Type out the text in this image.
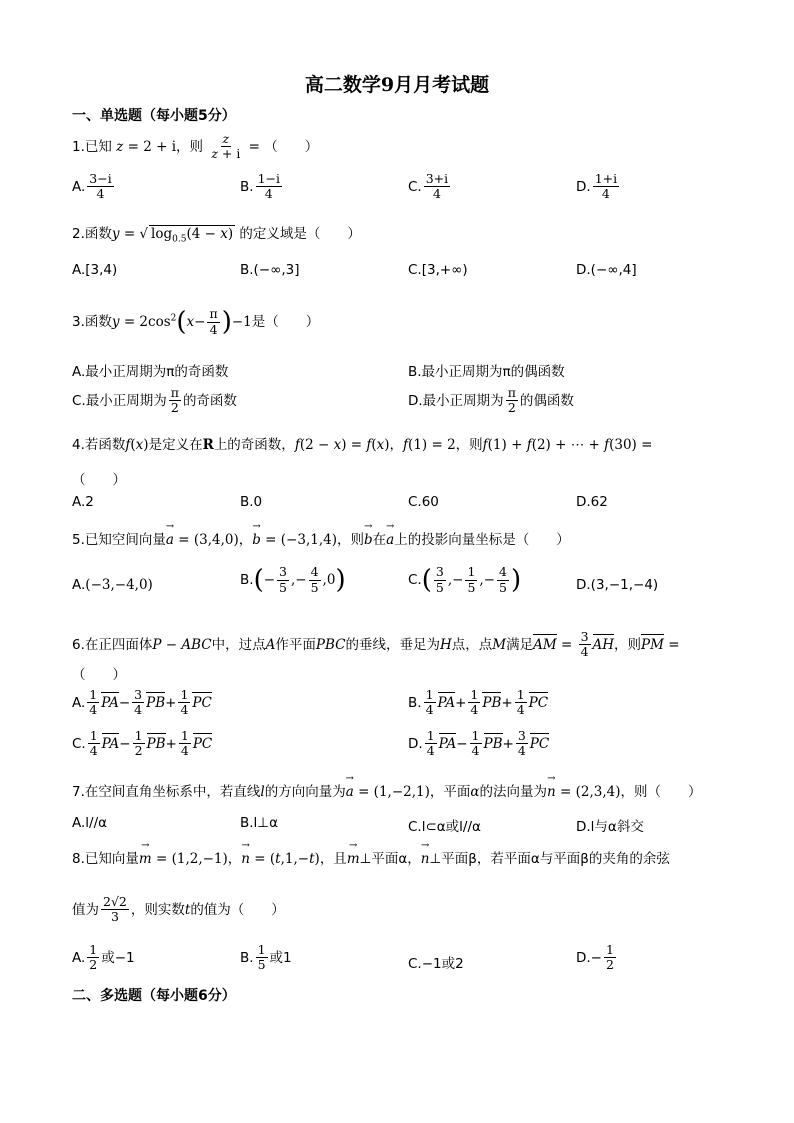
高二数学9月月考试题
一、单选题（每小题5分）
1.已知 z = 2 + i，则 $\frac{z}{z + i}$ = （　　）
A. $\frac{3-i}{4}$	B. $\frac{1-i}{4}$	C. $\frac{3+i}{4}$	D. $\frac{1+i}{4}$
2.函数y = √ $\log_{0.5}(4 - x)$ 的定义域是（　　）
A.[3,4)	B.(−∞,3]	C.[3,+∞)	D.(−∞,4]
3.函数$y = 2\cos^2(x- \frac{\pi}{4} )-1$是（　　）
A.最小正周期为π的奇函数	B.最小正周期为π的偶函数
C.最小正周期为 $\frac{\pi}{2}$ 的奇函数	D.最小正周期为 $\frac{\pi}{2}$ 的偶函数
4.若函数f(x)是定义在R上的奇函数，f(2 − x) = f(x)，f(1) = 2，则f(1) + f(2) + ⋯ + f(30) =
（　　）
A.2	B.0	C.60	D.62
5.已知空间向量→ a = (3,4,0)，→ b = (−3,1,4)，则→ b在→ a上的投影向量坐标是（　　）
A.(−3,−4,0)	$B.(- \frac{3}{5}$ ,− $\frac{4}{5} ,0$)	$C.( \frac{3}{5}$ ,− $\frac{1}{5}$ ,− $\frac{4}{5}$ )	D.(3,−1,−4)
6.在正四面体P − ABC中，过点A作平面PBC的垂线，垂足为H点，点M满足AM = $\frac{3}{4}$ AH，则PM =
（　　）
A. $\frac{1}{4} PA- \frac{3}{4} PB+ \frac{1}{4}$ PC	B. $\frac{1}{4} PA+ \frac{1}{4} PB+ \frac{1}{4}$ PC
C. $\frac{1}{4} PA- \frac{1}{2} PB+ \frac{1}{4}$ PC	D. $\frac{1}{4} PA- \frac{1}{4} PB+ \frac{3}{4}$ PC
7.在空间直角坐标系中，若直线l的方向向量为→ a = (1,−2,1)，平面α的法向量为→ n = (2,3,4)，则（　　）
A.l//α	B.l⊥α	C.l⊂α或l//α	D.l与α斜交
8.已知向量→ m = (1,2,−1)，→ n = (t,1,−t)，且→ m⊥平面α，→ n⊥平面β，若平面α与平面β的夹角的余弦
值为 $\frac{2√2}{3}$ ，则实数t的值为（　　）
A. $\frac{1}{2}$ 或−1	B. $\frac{1}{5}$ 或1	C.−1或2	$D.- \frac{1}{2}$
二、多选题（每小题6分）
